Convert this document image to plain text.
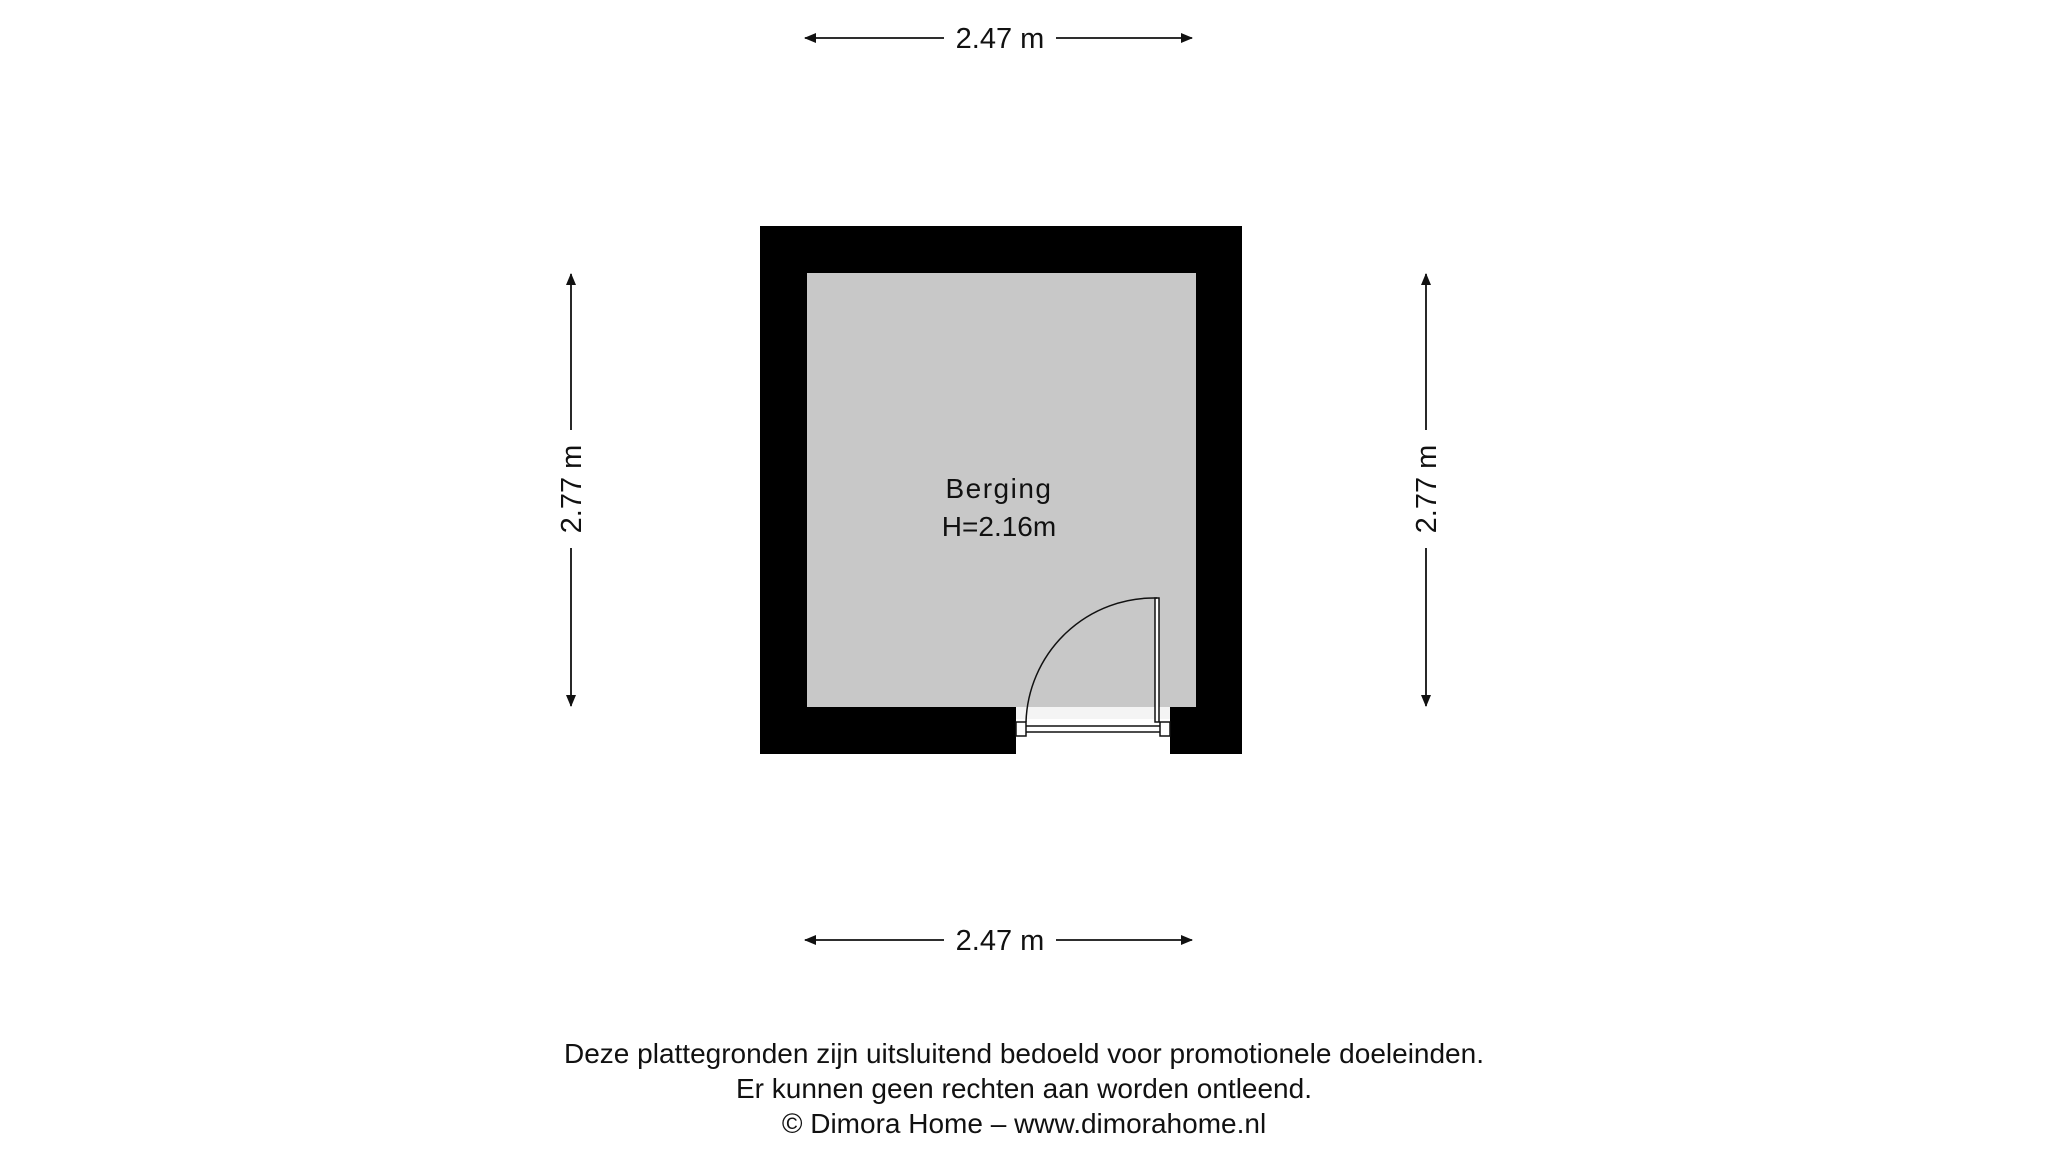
Berging
H=2.16m
2.47 m
2.47 m
2.77 m	2.77 m
Deze plattegronden zijn uitsluitend bedoeld voor promotionele doeleinden.
Er kunnen geen rechten aan worden ontleend.
© Dimora Home – www.dimorahome.nl
